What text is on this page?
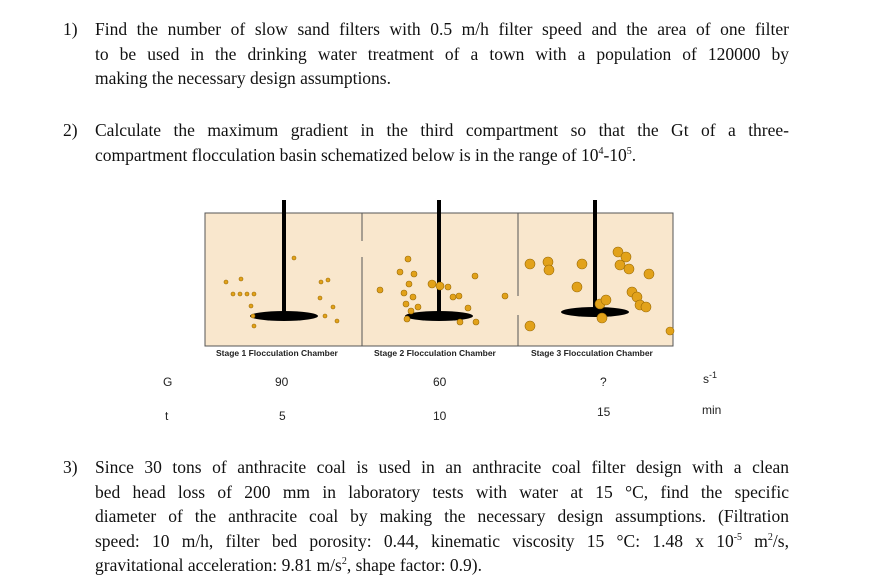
1) Find the number of slow sand filters with 0.5 m/h filter speed and the area of one filter
to be used in the drinking water treatment of a town with a population of 120000 by
making the necessary design assumptions.
2) Calculate the maximum gradient in the third compartment so that the Gt of a three-
compartment flocculation basin schematized below is in the range of $10^4-10^5$.
Stage 1 Flocculation Chamber	Stage 2 Flocculation Chamber	Stage 3 Flocculation Chamber
G	90	60	?	$s^{-1}$
t	5	10	15	min
3) Since 30 tons of anthracite coal is used in an anthracite coal filter design with a clean
bed head loss of 200 mm in laboratory tests with water at 15 °C, find the specific
diameter of the anthracite coal by making the necessary design assumptions. (Filtration
speed: 10 m/h, filter bed porosity: 0.44, kinematic viscosity 15 °C: 1.48 x $10^{-5}$ $m^2/s$,
gravitational acceleration: 9.81 $m/s^2$, shape factor: 0.9).
